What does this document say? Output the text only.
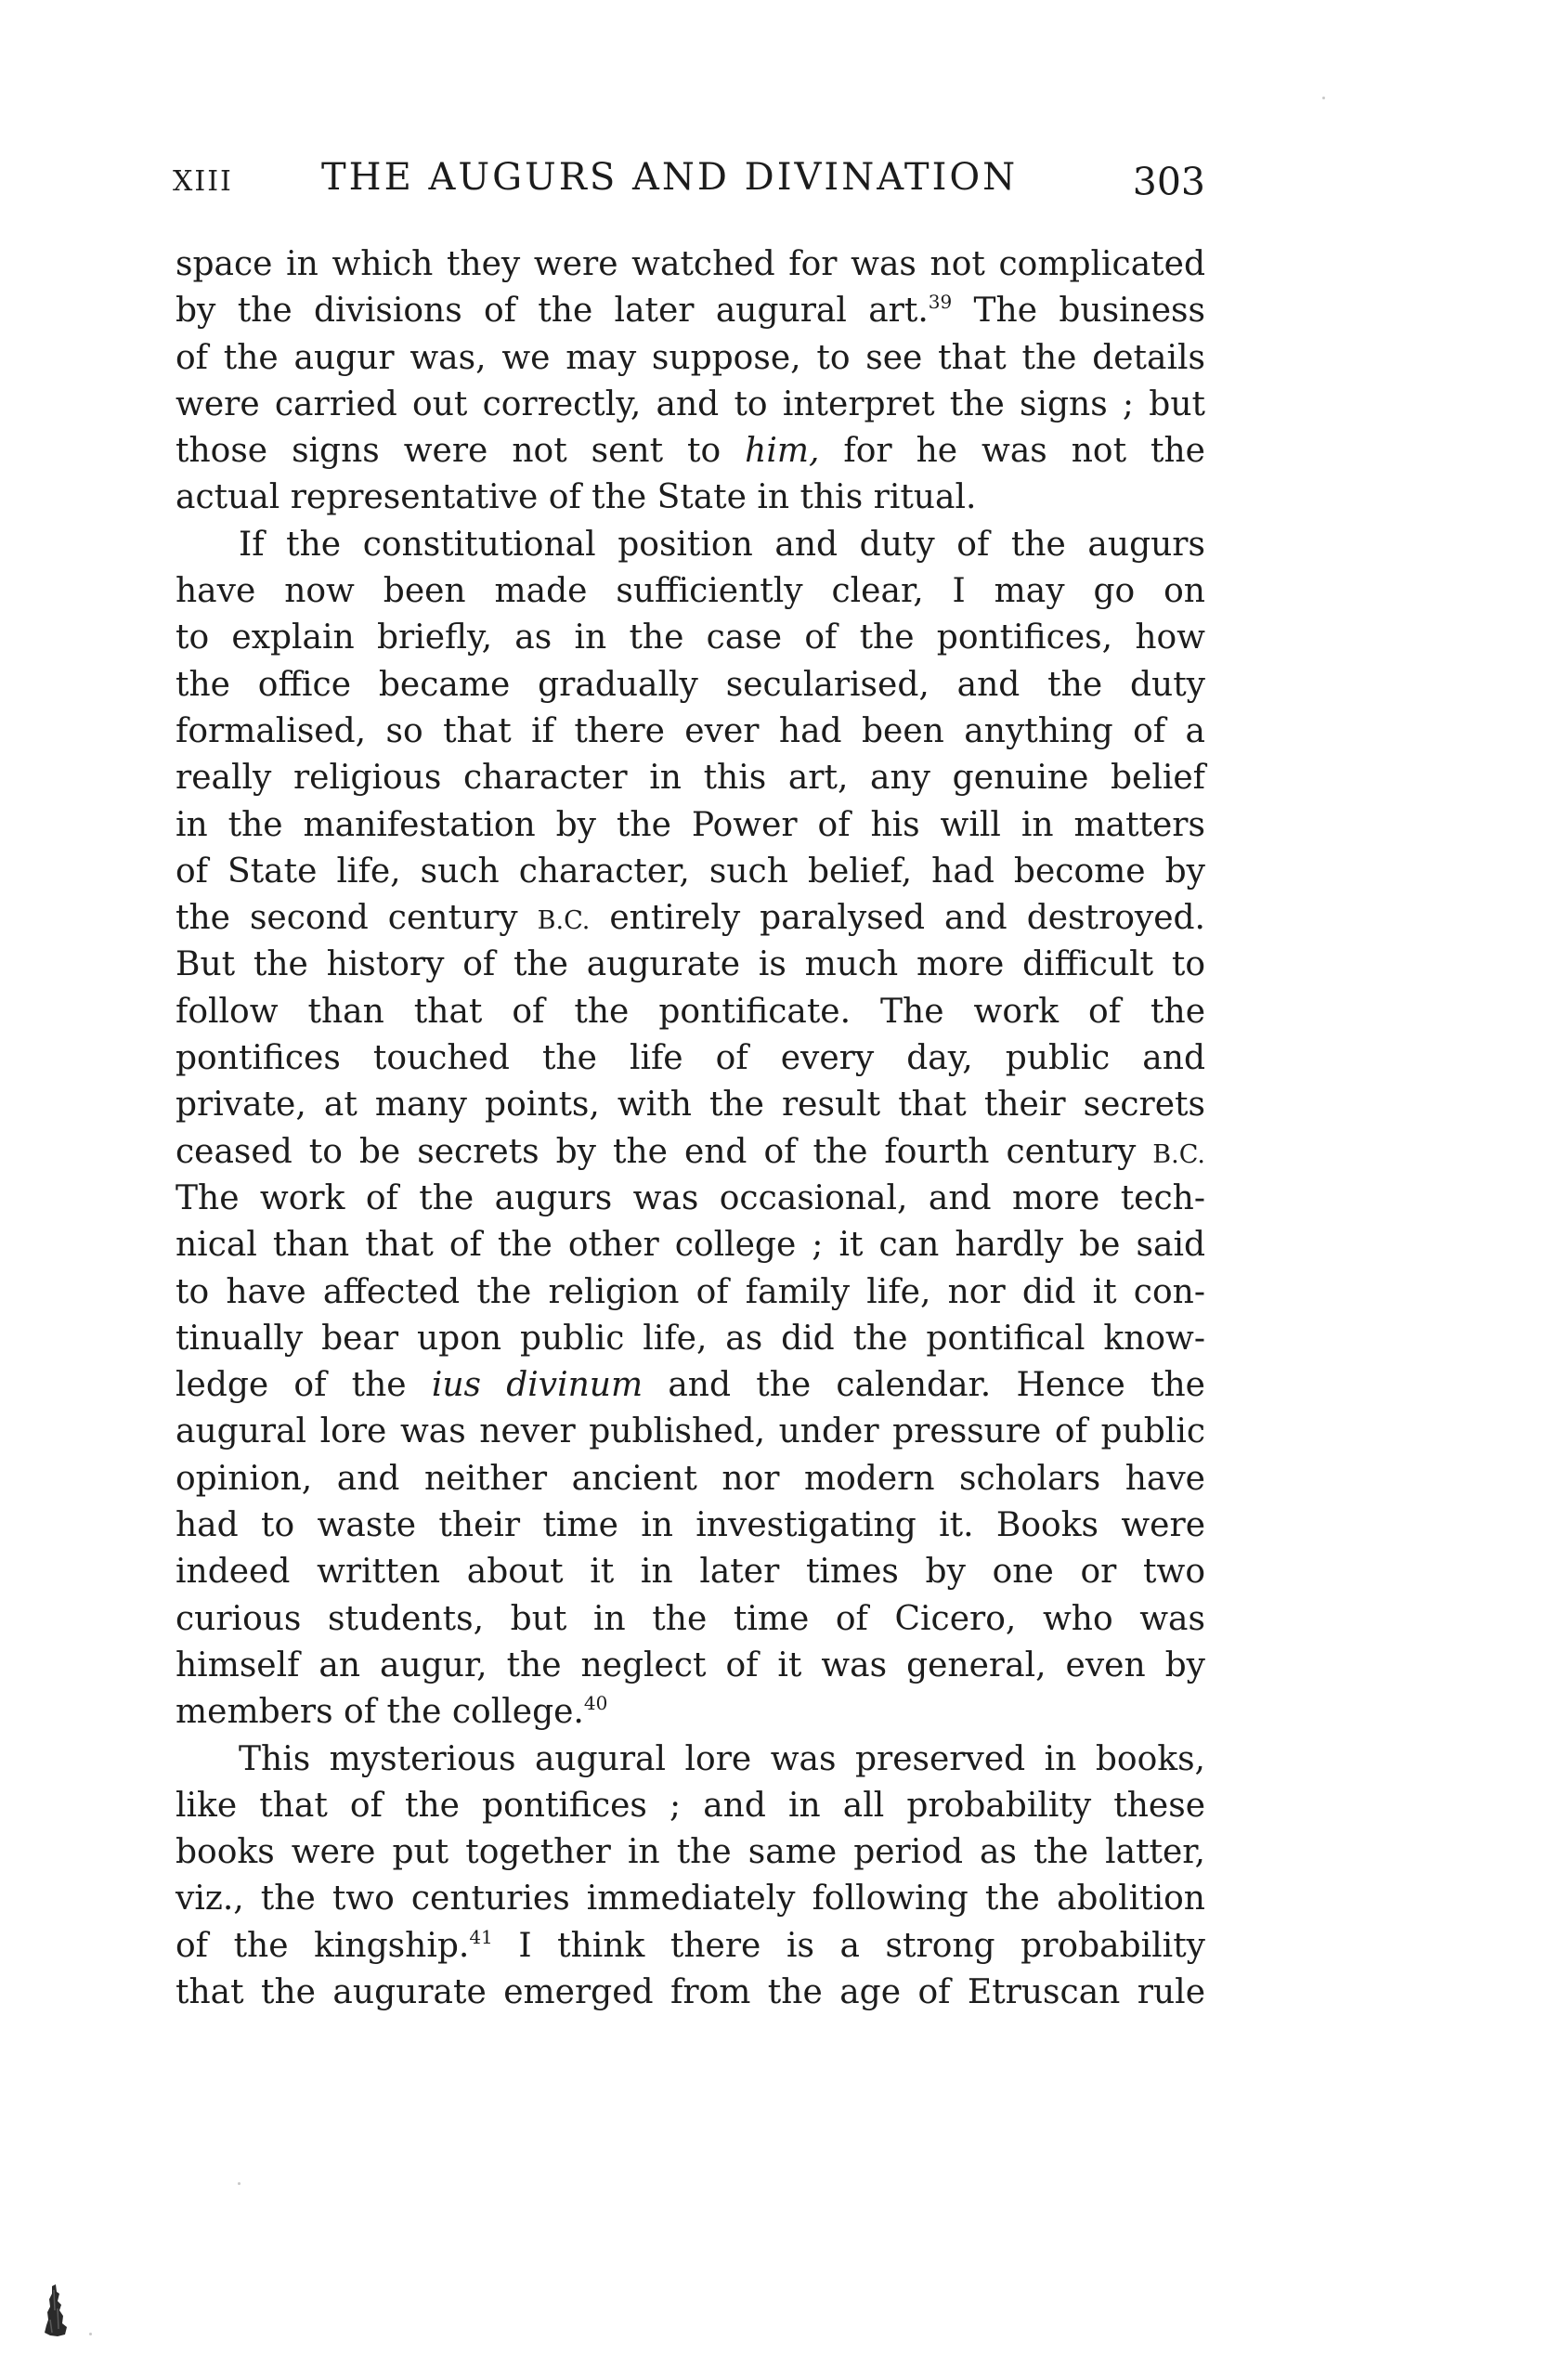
XIII THE AUGURS AND DIVINATION	303
space in which they were watched for was not complicated
by the divisions of the later augural art.$^{39}$ The business
of the augur was, we may suppose, to see that the details
were carried out correctly, and to interpret the signs ; but
those signs were not sent to him, for he was not the
actual representative of the State in this ritual.
If the constitutional position and duty of the augurs
have now been made sufficiently clear, I may go on
to explain briefly, as in the case of the pontifices, how
the office became gradually secularised, and the duty
formalised, so that if there ever had been anything of a
really religious character in this art, any genuine belief
in the manifestation by the Power of his will in matters
of State life, such character, such belief, had become by
the second century B.C. entirely paralysed and destroyed.
But the history of the augurate is much more difficult to
follow than that of the pontificate. The work of the
pontifices touched the life of every day, public and
private, at many points, with the result that their secrets
ceased to be secrets by the end of the fourth century B.C.
The work of the augurs was occasional, and more tech-
nical than that of the other college ; it can hardly be said
to have affected the religion of family life, nor did it con-
tinually bear upon public life, as did the pontifical know-
ledge of the ius divinum and the calendar. Hence the
augural lore was never published, under pressure of public
opinion, and neither ancient nor modern scholars have
had to waste their time in investigating it. Books were
indeed written about it in later times by one or two
curious students, but in the time of Cicero, who was
himself an augur, the neglect of it was general, even by
members of the college.$^{40}$
This mysterious augural lore was preserved in books,
like that of the pontifices ; and in all probability these
books were put together in the same period as the latter,
viz., the two centuries immediately following the abolition
of the kingship.$^{41}$ I think there is a strong probability
that the augurate emerged from the age of Etruscan rule
